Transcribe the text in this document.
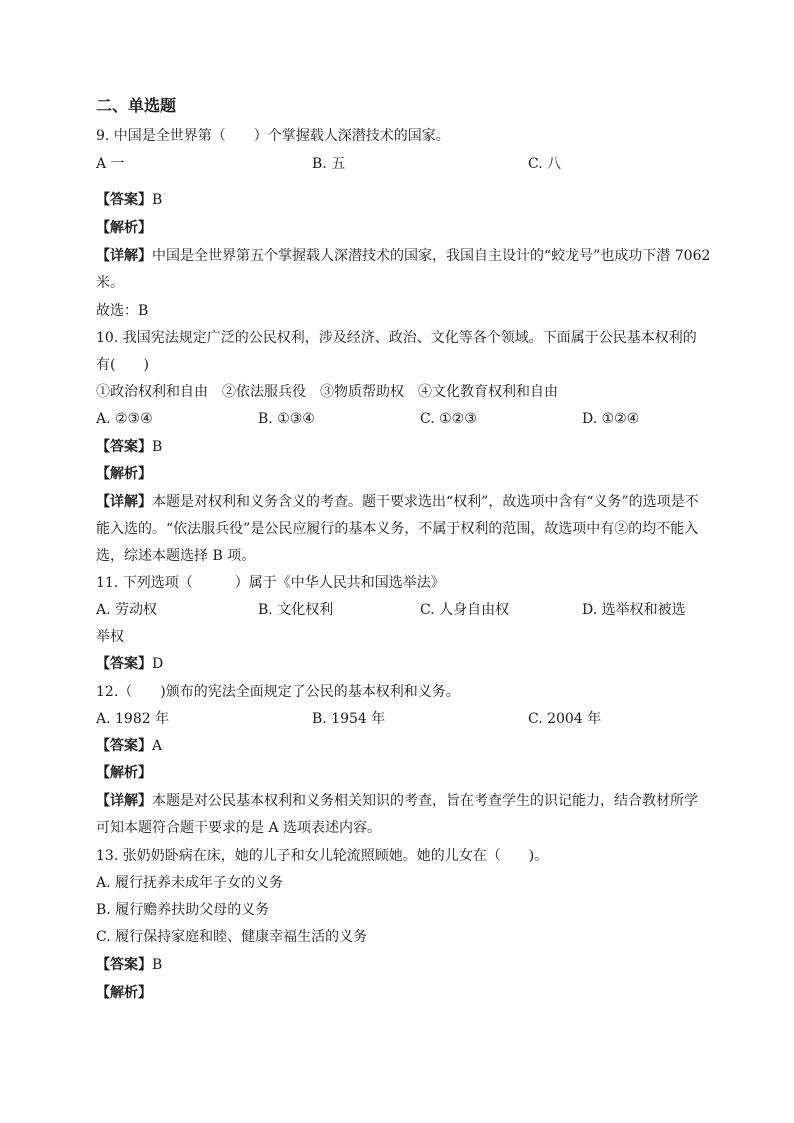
二、单选题
9. 中国是全世界第（　　）个掌握载人深潜技术的国家。
A 一	B. 五	C. 八
【答案】B
【解析】
【详解】中国是全世界第五个掌握载人深潜技术的国家，我国自主设计的“蛟龙号”也成功下潜 7062
米。
故选：B
10. 我国宪法规定广泛的公民权利，涉及经济、政治、文化等各个领域。下面属于公民基本权利的
有(　　)
①政治权利和自由　②依法服兵役　③物质帮助权　④文化教育权利和自由
A. ②③④	B. ①③④	C. ①②③	D. ①②④
【答案】B
【解析】
【详解】本题是对权利和义务含义的考查。题干要求选出“权利”，故选项中含有“义务”的选项是不
能入选的。“依法服兵役”是公民应履行的基本义务，不属于权利的范围，故选项中有②的均不能入
选，综述本题选择 B 项。
11. 下列选项（　　　）属于《中华人民共和国选举法》
A. 劳动权	B. 文化权利	C. 人身自由权	D. 选举权和被选
举权
【答案】D
12.（　　)颁布的宪法全面规定了公民的基本权利和义务。
A. 1982 年	B. 1954 年	C. 2004 年
【答案】A
【解析】
【详解】本题是对公民基本权利和义务相关知识的考查，旨在考查学生的识记能力，结合教材所学
可知本题符合题干要求的是 A 选项表述内容。
13. 张奶奶卧病在床，她的儿子和女儿轮流照顾她。她的儿女在（　　)。
A. 履行抚养未成年子女的义务
B. 履行赡养扶助父母的义务
C. 履行保持家庭和睦、健康幸福生活的义务
【答案】B
【解析】
